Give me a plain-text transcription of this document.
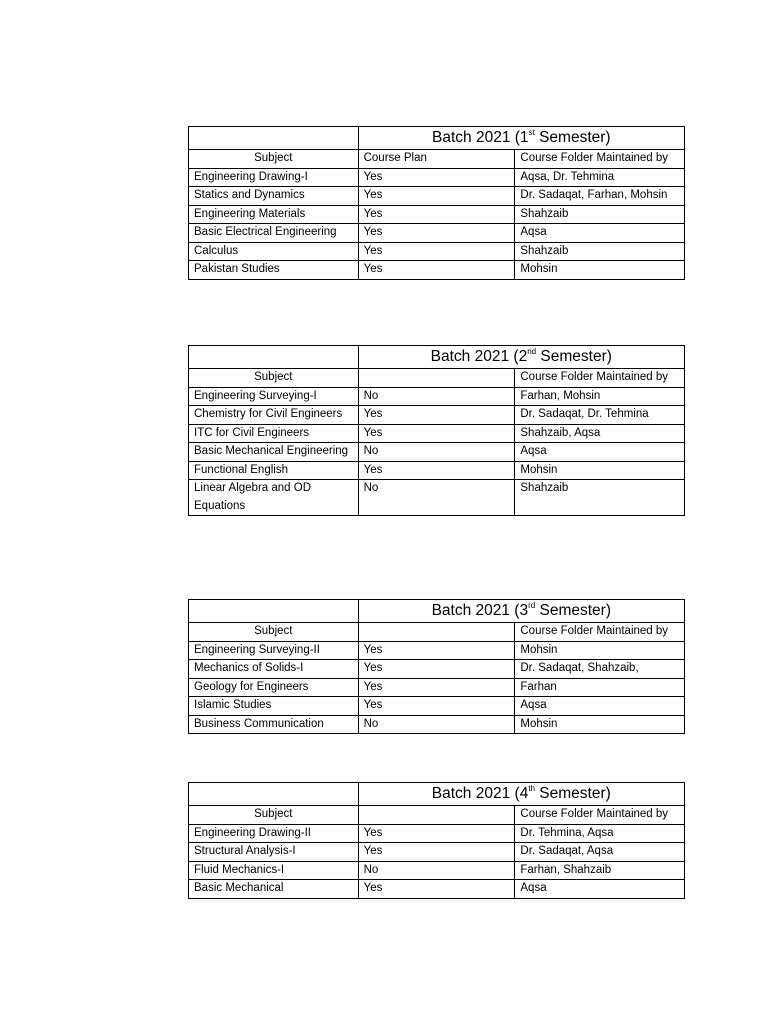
	Batch 2021 (1st Semester)	
Subject	Course Plan	Course Folder Maintained by
Engineering Drawing-I	Yes	Aqsa, Dr. Tehmina
Statics and Dynamics	Yes	Dr. Sadaqat, Farhan, Mohsin
Engineering Materials	Yes	Shahzaib
Basic Electrical Engineering	Yes	Aqsa
Calculus	Yes	Shahzaib
Pakistan Studies	Yes	Mohsin
	Batch 2021 (2nd Semester)	
Subject		Course Folder Maintained by
Engineering Surveying-I	No	Farhan, Mohsin
Chemistry for Civil Engineers	Yes	Dr. Sadaqat, Dr. Tehmina
ITC for Civil Engineers	Yes	Shahzaib, Aqsa
Basic Mechanical Engineering	No	Aqsa
Functional English	Yes	Mohsin
Linear Algebra and OD Equations	No	Shahzaib
	Batch 2021 (3rd Semester)	
Subject		Course Folder Maintained by
Engineering Surveying-II	Yes	Mohsin
Mechanics of Solids-I	Yes	Dr. Sadaqat, Shahzaib,
Geology for Engineers	Yes	Farhan
Islamic Studies	Yes	Aqsa
Business Communication	No	Mohsin
	Batch 2021 (4th Semester)	
Subject		Course Folder Maintained by
Engineering Drawing-II	Yes	Dr. Tehmina, Aqsa
Structural Analysis-I	Yes	Dr. Sadaqat, Aqsa
Fluid Mechanics-I	No	Farhan, Shahzaib
Basic Mechanical	Yes	Aqsa
